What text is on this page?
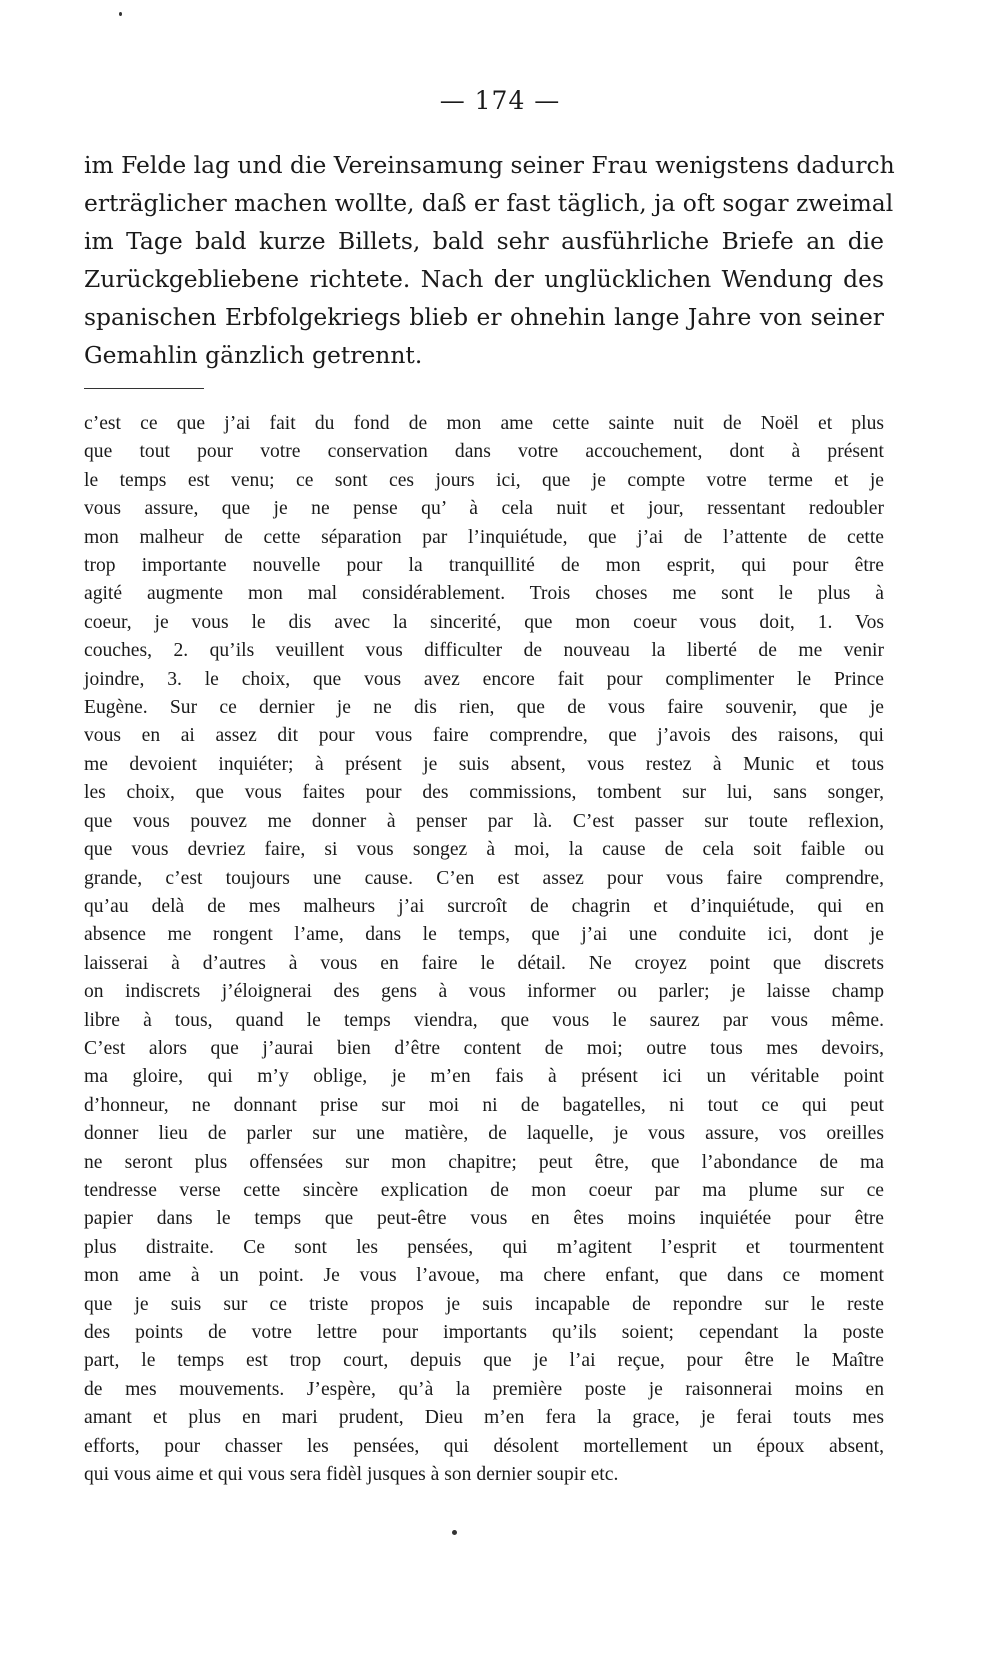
— 174 —
im Felde lag und die Vereinsamung seiner Frau wenigstens dadurch
erträglicher machen wollte, daß er fast täglich, ja oft sogar zweimal
im Tage bald kurze Billets, bald sehr ausführliche Briefe an die
Zurückgebliebene richtete. Nach der unglücklichen Wendung des
spanischen Erbfolgekriegs blieb er ohnehin lange Jahre von seiner
Gemahlin gänzlich getrennt.
c’est ce que j’ai fait du fond de mon ame cette sainte nuit de Noël et plus
que tout pour votre conservation dans votre accouchement, dont à présent
le temps est venu; ce sont ces jours ici, que je compte votre terme et je
vous assure, que je ne pense qu’ à cela nuit et jour, ressentant redoubler
mon malheur de cette séparation par l’inquiétude, que j’ai de l’attente de cette
trop importante nouvelle pour la tranquillité de mon esprit, qui pour être
agité augmente mon mal considérablement. Trois choses me sont le plus à
coeur, je vous le dis avec la sincerité, que mon coeur vous doit, 1. Vos
couches, 2. qu’ils veuillent vous difficulter de nouveau la liberté de me venir
joindre, 3. le choix, que vous avez encore fait pour complimenter le Prince
Eugène. Sur ce dernier je ne dis rien, que de vous faire souvenir, que je
vous en ai assez dit pour vous faire comprendre, que j’avois des raisons, qui
me devoient inquiéter; à présent je suis absent, vous restez à Munic et tous
les choix, que vous faites pour des commissions, tombent sur lui, sans songer,
que vous pouvez me donner à penser par là. C’est passer sur toute reflexion,
que vous devriez faire, si vous songez à moi, la cause de cela soit faible ou
grande, c’est toujours une cause. C’en est assez pour vous faire comprendre,
qu’au delà de mes malheurs j’ai surcroît de chagrin et d’inquiétude, qui en
absence me rongent l’ame, dans le temps, que j’ai une conduite ici, dont je
laisserai à d’autres à vous en faire le détail. Ne croyez point que discrets
on indiscrets j’éloignerai des gens à vous informer ou parler; je laisse champ
libre à tous, quand le temps viendra, que vous le saurez par vous même.
C’est alors que j’aurai bien d’être content de moi; outre tous mes devoirs,
ma gloire, qui m’y oblige, je m’en fais à présent ici un véritable point
d’honneur, ne donnant prise sur moi ni de bagatelles, ni tout ce qui peut
donner lieu de parler sur une matière, de laquelle, je vous assure, vos oreilles
ne seront plus offensées sur mon chapitre; peut être, que l’abondance de ma
tendresse verse cette sincère explication de mon coeur par ma plume sur ce
papier dans le temps que peut-être vous en êtes moins inquiétée pour être
plus distraite. Ce sont les pensées, qui m’agitent l’esprit et tourmentent
mon ame à un point. Je vous l’avoue, ma chere enfant, que dans ce moment
que je suis sur ce triste propos je suis incapable de repondre sur le reste
des points de votre lettre pour importants qu’ils soient; cependant la poste
part, le temps est trop court, depuis que je l’ai reçue, pour être le Maître
de mes mouvements. J’espère, qu’à la première poste je raisonnerai moins en
amant et plus en mari prudent, Dieu m’en fera la grace, je ferai touts mes
efforts, pour chasser les pensées, qui désolent mortellement un époux absent,
qui vous aime et qui vous sera fidèl jusques à son dernier soupir etc.
